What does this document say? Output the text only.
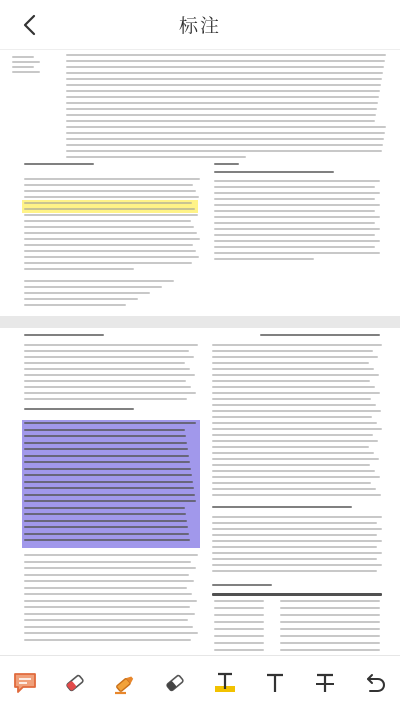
标注
